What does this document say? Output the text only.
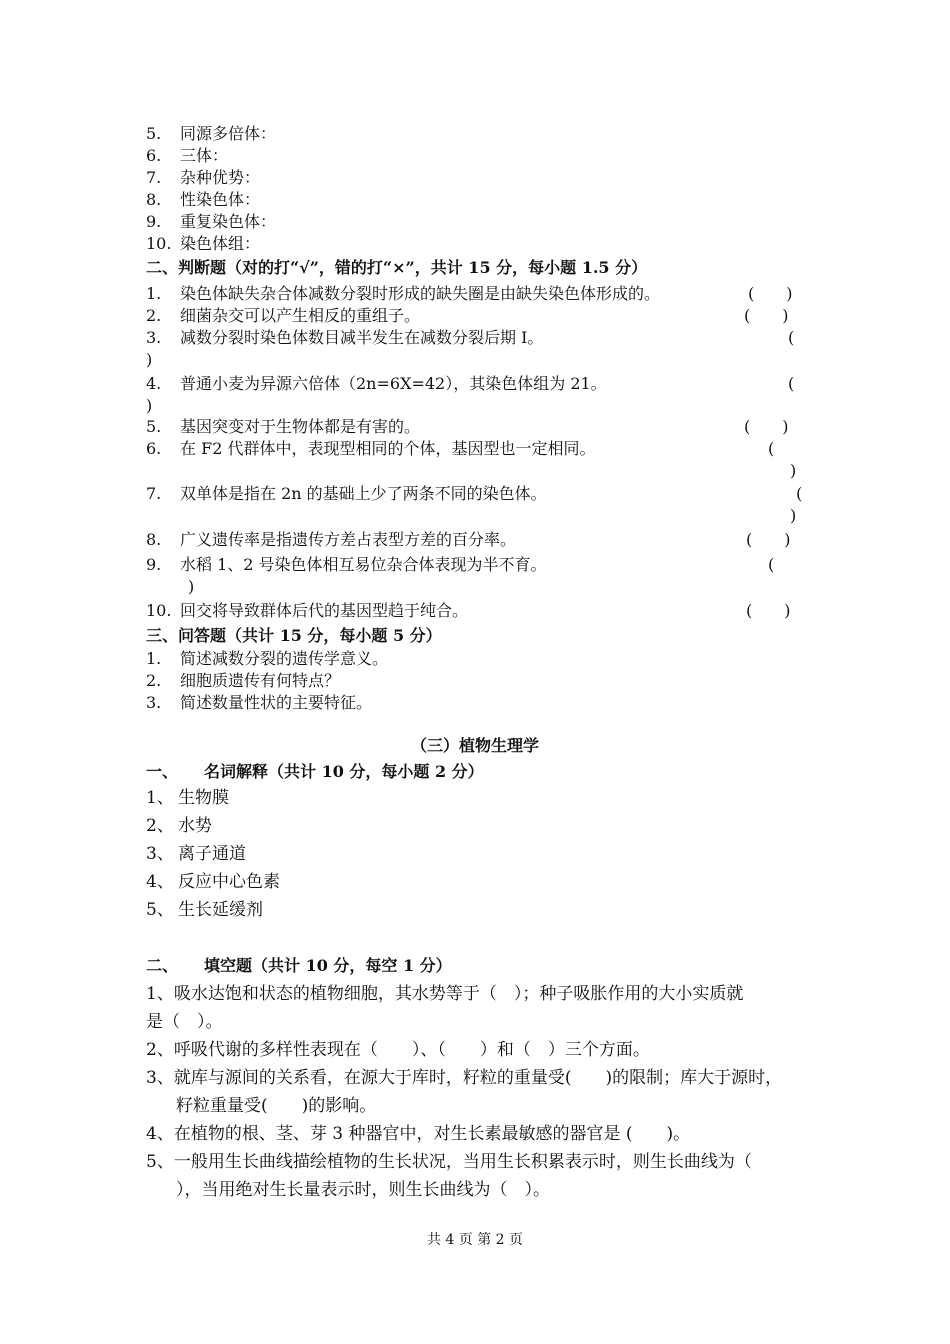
5. 同源多倍体：
6. 三体：
7. 杂种优势：
8. 性染色体：
9. 重复染色体：
10. 染色体组：
二、判断题（对的打“√”，错的打“×”，共计 15 分，每小题 1.5 分）
1. 染色体缺失杂合体减数分裂时形成的缺失圈是由缺失染色体形成的。	(　　)
2. 细菌杂交可以产生相反的重组子。	(　　)
3. 减数分裂时染色体数目减半发生在减数分裂后期 I。	(
)
4. 普通小麦为异源六倍体（2n=6X=42），其染色体组为 21。	(
)
5. 基因突变对于生物体都是有害的。	(　　)
6. 在 F2 代群体中，表现型相同的个体，基因型也一定相同。	(
)
7. 双单体是指在 2n 的基础上少了两条不同的染色体。	(
)
8. 广义遗传率是指遗传方差占表型方差的百分率。	(　　)
9. 水稻 1、2 号染色体相互易位杂合体表现为半不育。	(
)
10. 回交将导致群体后代的基因型趋于纯合。	(　　)
三、问答题（共计 15 分，每小题 5 分）
1. 简述减数分裂的遗传学意义。
2. 细胞质遗传有何特点？
3. 简述数量性状的主要特征。
（三）植物生理学
一、 名词解释（共计 10 分，每小题 2 分）
1、 生物膜
2、 水势
3、 离子通道
4、 反应中心色素
5、 生长延缓剂
二、 填空题（共计 10 分，每空 1 分）
1、吸水达饱和状态的植物细胞，其水势等于（　）；种子吸胀作用的大小实质就
是（　）。
2、呼吸代谢的多样性表现在（　　）、（　　）和（　）三个方面。
3、就库与源间的关系看，在源大于库时，籽粒的重量受(　　)的限制；库大于源时，
籽粒重量受(　　)的影响。
4、在植物的根、茎、芽 3 种器官中，对生长素最敏感的器官是 (　　)。
5、一般用生长曲线描绘植物的生长状况，当用生长积累表示时，则生长曲线为（
），当用绝对生长量表示时，则生长曲线为（　）。
共 4 页 第 2 页
